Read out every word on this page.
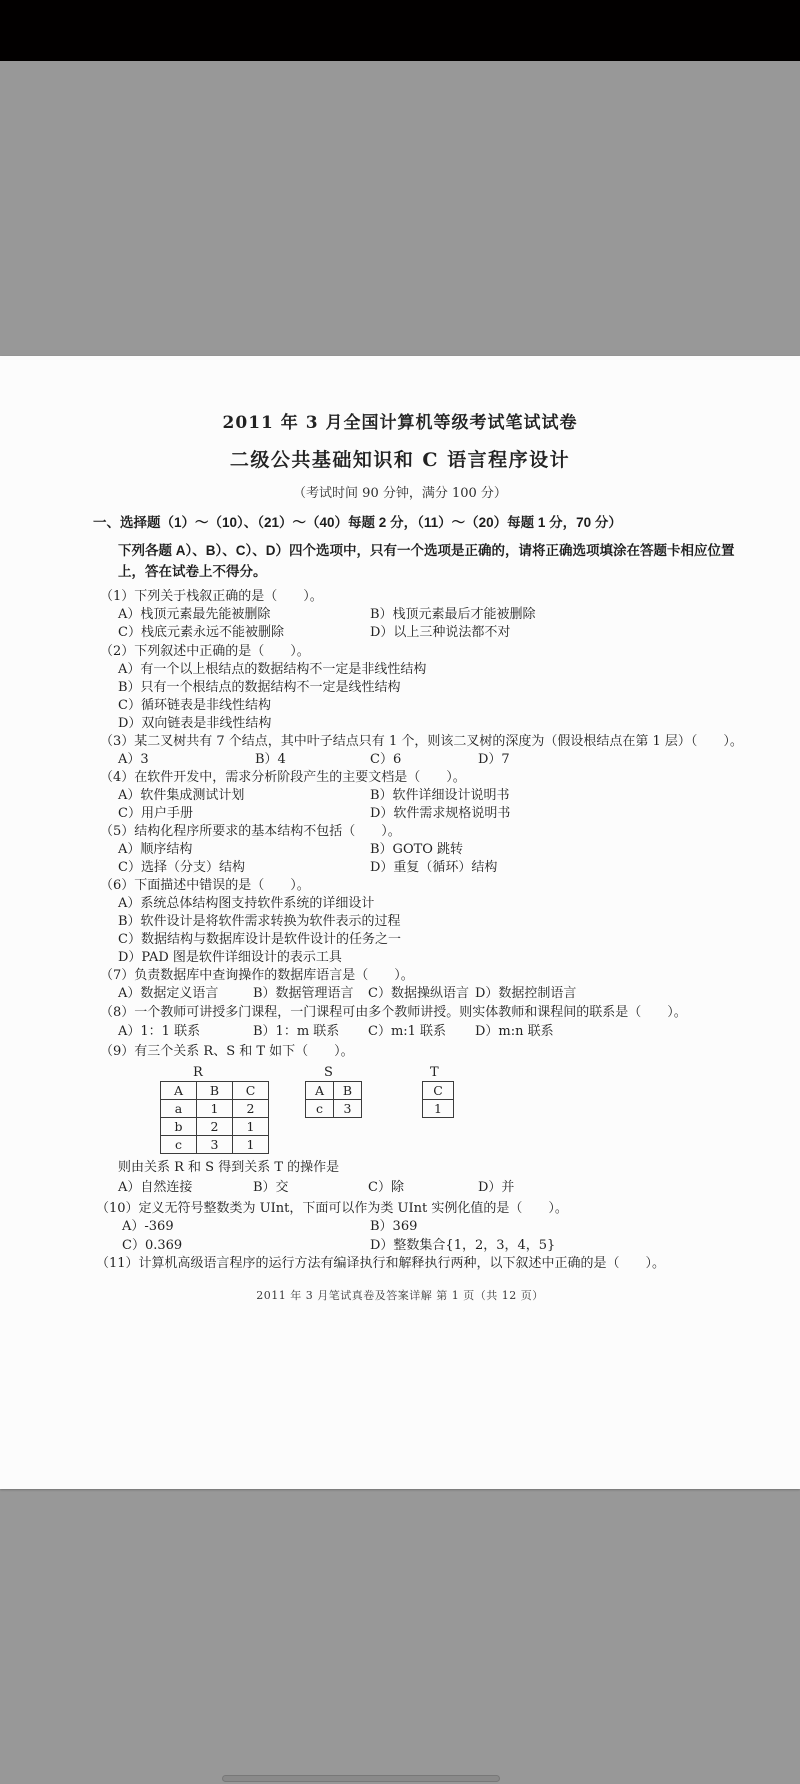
2011 年 3 月全国计算机等级考试笔试试卷
二级公共基础知识和 C 语言程序设计
（考试时间 90 分钟，满分 100 分）
一、选择题（1）～（10）、（21）～（40）每题 2 分，（11）～（20）每题 1 分，70 分）
下列各题 A）、B）、C）、D）四个选项中，只有一个选项是正确的，请将正确选项填涂在答题卡相应位置
上，答在试卷上不得分。
（1）下列关于栈叙正确的是（　　）。
A）栈顶元素最先能被删除	B）栈顶元素最后才能被删除
C）栈底元素永远不能被删除	D）以上三种说法都不对
（2）下列叙述中正确的是（　　）。
A）有一个以上根结点的数据结构不一定是非线性结构
B）只有一个根结点的数据结构不一定是线性结构
C）循环链表是非线性结构
D）双向链表是非线性结构
（3）某二叉树共有 7 个结点，其中叶子结点只有 1 个，则该二叉树的深度为（假设根结点在第 1 层）（　　）。
A）3	B）4	C）6	D）7
（4）在软件开发中，需求分析阶段产生的主要文档是（　　）。
A）软件集成测试计划	B）软件详细设计说明书
C）用户手册	D）软件需求规格说明书
（5）结构化程序所要求的基本结构不包括（　　）。
A）顺序结构	B）GOTO 跳转
C）选择（分支）结构	D）重复（循环）结构
（6）下面描述中错误的是（　　）。
A）系统总体结构图支持软件系统的详细设计
B）软件设计是将软件需求转换为软件表示的过程
C）数据结构与数据库设计是软件设计的任务之一
D）PAD 图是软件详细设计的表示工具
（7）负责数据库中查询操作的数据库语言是（　　）。
A）数据定义语言	B）数据管理语言 C）数据操纵语言 D）数据控制语言
（8）一个教师可讲授多门课程，一门课程可由多个教师讲授。则实体教师和课程间的联系是（　　）。
A）1：1 联系	B）1：m 联系 C）m:1 联系 D）m:n 联系
（9）有三个关系 R、S 和 T 如下（　　）。
R	S	T
则由关系 R 和 S 得到关系 T 的操作是
A）自然连接	B）交	C）除	D）并
（10）定义无符号整数类为 UInt，下面可以作为类 UInt 实例化值的是（　　）。
A）-369	B）369
C）0.369	D）整数集合{1，2，3，4，5}
（11）计算机高级语言程序的运行方法有编译执行和解释执行两种，以下叙述中正确的是（　　）。
A	B	C
a	1	2
b	2	1
c	3	1
A	B
c	3
C
1
2011 年 3 月笔试真卷及答案详解 第 1 页（共 12 页）
